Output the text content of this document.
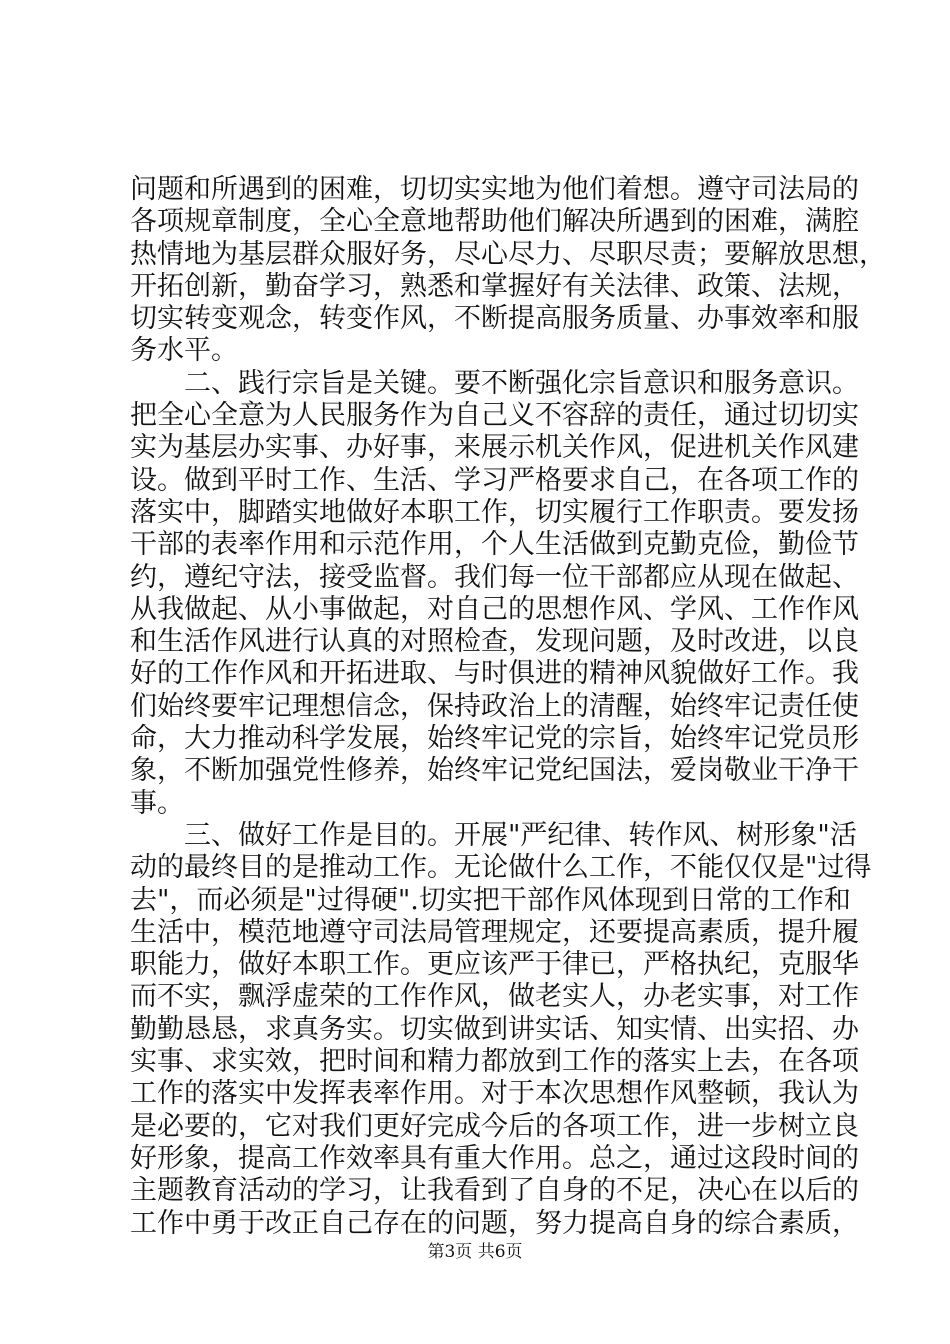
问题和所遇到的困难，切切实实地为他们着想。遵守司法局的
各项规章制度，全心全意地帮助他们解决所遇到的困难，满腔
热情地为基层群众服好务，尽心尽力、尽职尽责；要解放思想，
开拓创新，勤奋学习，熟悉和掌握好有关法律、政策、法规，
切实转变观念，转变作风，不断提高服务质量、办事效率和服
务水平。
二、践行宗旨是关键。要不断强化宗旨意识和服务意识。
把全心全意为人民服务作为自己义不容辞的责任，通过切切实
实为基层办实事、办好事，来展示机关作风，促进机关作风建
设。做到平时工作、生活、学习严格要求自己，在各项工作的
落实中，脚踏实地做好本职工作，切实履行工作职责。要发扬
干部的表率作用和示范作用，个人生活做到克勤克俭，勤俭节
约，遵纪守法，接受监督。我们每一位干部都应从现在做起、
从我做起、从小事做起，对自己的思想作风、学风、工作作风
和生活作风进行认真的对照检查，发现问题，及时改进，以良
好的工作作风和开拓进取、与时俱进的精神风貌做好工作。我
们始终要牢记理想信念，保持政治上的清醒，始终牢记责任使
命，大力推动科学发展，始终牢记党的宗旨，始终牢记党员形
象，不断加强党性修养，始终牢记党纪国法，爱岗敬业干净干
事。
三、做好工作是目的。开展"严纪律、转作风、树形象"活
动的最终目的是推动工作。无论做什么工作，不能仅仅是"过得
去"，而必须是"过得硬".切实把干部作风体现到日常的工作和
生活中，模范地遵守司法局管理规定，还要提高素质，提升履
职能力，做好本职工作。更应该严于律已，严格执纪，克服华
而不实，飘浮虚荣的工作作风，做老实人，办老实事，对工作
勤勤恳恳，求真务实。切实做到讲实话、知实情、出实招、办
实事、求实效，把时间和精力都放到工作的落实上去，在各项
工作的落实中发挥表率作用。对于本次思想作风整顿，我认为
是必要的，它对我们更好完成今后的各项工作，进一步树立良
好形象，提高工作效率具有重大作用。总之，通过这段时间的
主题教育活动的学习，让我看到了自身的不足，决心在以后的
工作中勇于改正自己存在的问题，努力提高自身的综合素质，
第3页 共6页
